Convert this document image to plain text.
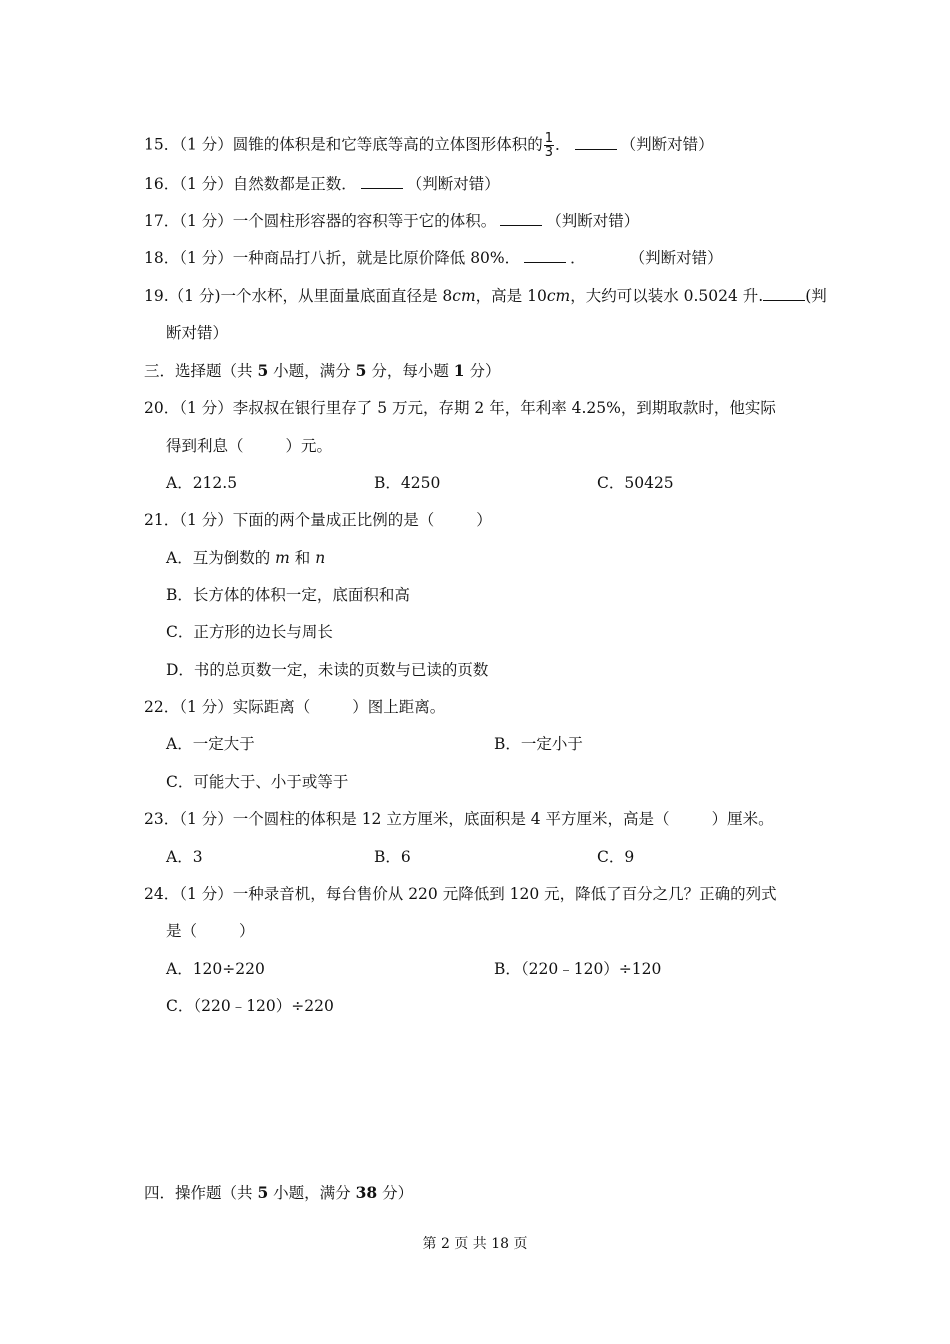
15．（1 分）圆锥的体积是和它等底等高的立体图形体积的 $\frac{1}{3}$ ．	（判断对错）
16．（1 分）自然数都是正数．	（判断对错）
17．（1 分）一个圆柱形容器的容积等于它的体积。	（判断对错）
18．（1 分）一种商品打八折，就是比原价降低 80%．	．	（判断对错）
19.（1 分)一个水杯，从里面量底面直径是 8cm，高是 10cm，大约可以装水 0.5024 升.	(判
断对错）
三．选择题（共 5 小题，满分 5 分，每小题 1 分）
20．（1 分）李叔叔在银行里存了 5 万元，存期 2 年，年利率 4.25%，到期取款时，他实际
得到利息（	）元。
A．212.5	B．4250	C．50425
21．（1 分）下面的两个量成正比例的是（	）
A．互为倒数的 m 和 n
B．长方体的体积一定，底面积和高
C．正方形的边长与周长
D．书的总页数一定，未读的页数与已读的页数
22．（1 分）实际距离（	）图上距离。
A．一定大于	B．一定小于
C．可能大于、小于或等于
23．（1 分）一个圆柱的体积是 12 立方厘米，底面积是 4 平方厘米，高是（	）厘米。
A．3	B．6	C．9
24．（1 分）一种录音机，每台售价从 220 元降低到 120 元，降低了百分之几？正确的列式
是（	）
A．120÷220	B．（220﹣120）÷120
C．（220﹣120）÷220
四．操作题（共 5 小题，满分 38 分）
第 2 页 共 18 页
